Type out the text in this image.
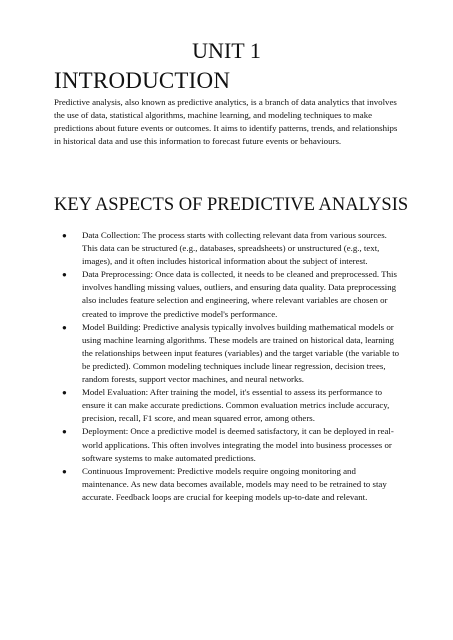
UNIT 1
INTRODUCTION

Predictive analysis, also known as predictive analytics, is a branch of data analytics that involves the use of data, statistical algorithms, machine learning, and modeling techniques to make predictions about future events or outcomes. It aims to identify patterns, trends, and relationships in historical data and use this information to forecast future events or behaviours.

KEY ASPECTS OF PREDICTIVE ANALYSIS
●	Data Collection: The process starts with collecting relevant data from various sources. This data can be structured (e.g., databases, spreadsheets) or unstructured (e.g., text, images), and it often includes historical information about the subject of interest.
●	Data Preprocessing: Once data is collected, it needs to be cleaned and preprocessed. This involves handling missing values, outliers, and ensuring data quality. Data preprocessing also includes feature selection and engineering, where relevant variables are chosen or created to improve the predictive model's performance.
●	Model Building: Predictive analysis typically involves building mathematical models or using machine learning algorithms. These models are trained on historical data, learning the relationships between input features (variables) and the target variable (the variable to be predicted). Common modeling techniques include linear regression, decision trees, random forests, support vector machines, and neural networks.
●	Model Evaluation: After training the model, it's essential to assess its performance to ensure it can make accurate predictions. Common evaluation metrics include accuracy, precision, recall, F1 score, and mean squared error, among others.
●	Deployment: Once a predictive model is deemed satisfactory, it can be deployed in real-world applications. This often involves integrating the model into business processes or software systems to make automated predictions.
●	Continuous Improvement: Predictive models require ongoing monitoring and maintenance. As new data becomes available, models may need to be retrained to stay accurate. Feedback loops are crucial for keeping models up-to-date and relevant.
